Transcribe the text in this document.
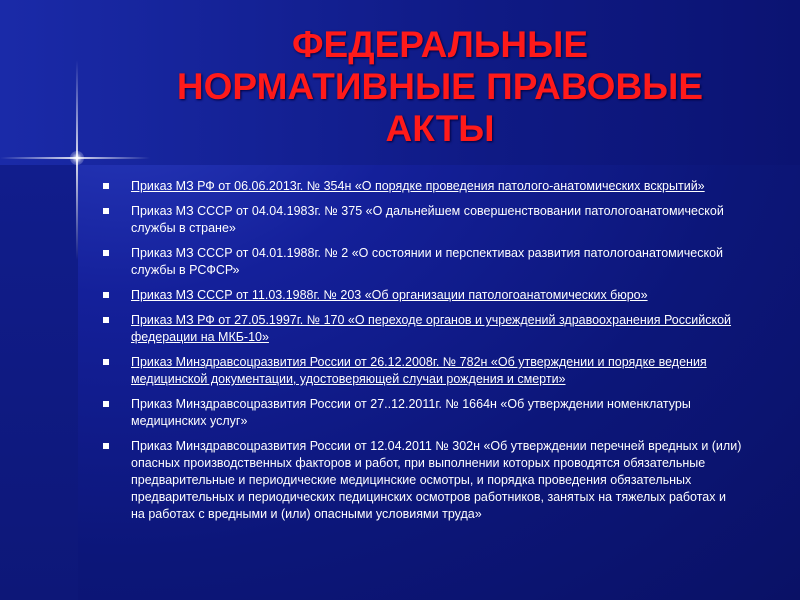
ФЕДЕРАЛЬНЫЕ
НОРМАТИВНЫЕ ПРАВОВЫЕ
АКТЫ
Приказ МЗ РФ от 06.06.2013г. № 354н «О порядке проведения патолого-анатомических вскрытий»
Приказ МЗ СССР от 04.04.1983г. № 375 «О дальнейшем совершенствовании патологоанатомической службы в стране»
Приказ МЗ СССР от 04.01.1988г. № 2 «О состоянии и перспективах развития патологоанатомической службы в РСФСР»
Приказ МЗ СССР от 11.03.1988г. № 203 «Об организации патологоанатомических бюро»
Приказ МЗ РФ от 27.05.1997г. № 170 «О переходе органов и учреждений здравоохранения Российской федерации на МКБ-10»
Приказ Минздравсоцразвития России от 26.12.2008г. № 782н «Об утверждении и порядке ведения медицинской документации, удостоверяющей случаи рождения и смерти»
Приказ Минздравсоцразвития России от 27..12.2011г. № 1664н «Об утверждении номенклатуры медицинских услуг»
Приказ Минздравсоцразвития России от 12.04.2011 № 302н «Об утверждении перечней вредных и (или) опасных производственных факторов и работ, при выполнении которых проводятся обязательные предварительные и периодические медицинские осмотры, и порядка проведения обязательных предварительных и периодических педицинских осмотров работников, занятых на тяжелых работах и на работах с вредными и (или) опасными условиями труда»
